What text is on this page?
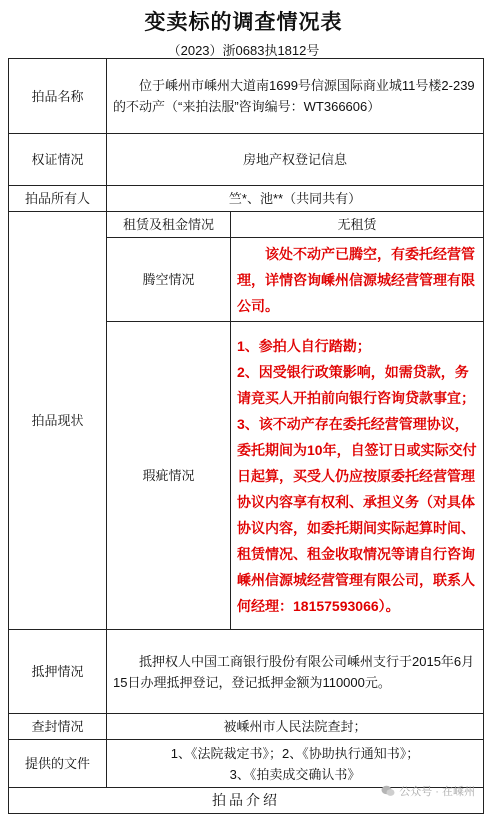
变卖标的调查情况表
（2023）浙0683执1812号
拍品名称	位于嵊州市嵊州大道南1699号信源国际商业城11号楼2-239的不动产（“来拍法服”咨询编号：WT366606）	
权证情况	房地产权登记信息	
拍品所有人	竺*、池**（共同共有）	
拍品现状	租赁及租金情况	无租赁
	腾空情况	该处不动产已腾空，有委托经营管理，详情咨询嵊州信源城经营管理有限公司。
	瑕疵情况	1、参拍人自行踏勘；
2、因受银行政策影响，如需贷款，务请竞买人开拍前向银行咨询贷款事宜；
3、该不动产存在委托经营管理协议，委托期间为10年，自签订日或实际交付日起算，买受人仍应按原委托经营管理协议内容享有权利、承担义务（对具体协议内容，如委托期间实际起算时间、租赁情况、租金收取情况等请自行咨询嵊州信源城经营管理有限公司，联系人何经理：18157593066）。

抵押情况	抵押权人中国工商银行股份有限公司嵊州支行于2015年6月15日办理抵押登记，登记抵押金额为110000元。	
查封情况	被嵊州市人民法院查封；	
提供的文件	1、《法院裁定书》；2、《协助执行通知书》；
3、《拍卖成交确认书》	

拍品介绍			公众号 · 在嵊州
